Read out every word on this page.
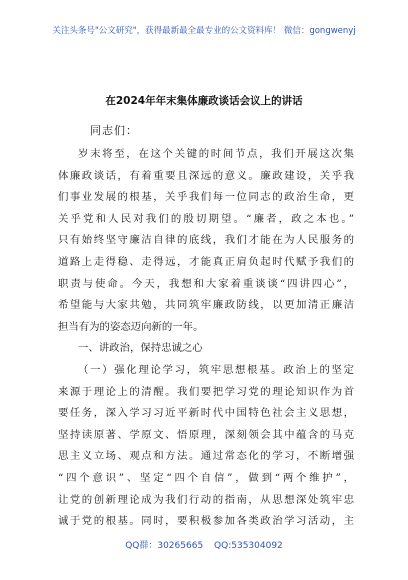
关注头条号"公文研究"，获得最新最全最专业的公文资料库！ 微信：gongwenyj
在2024年年末集体廉政谈话会议上的讲话
同志们：
岁末将至，在这个关键的时间节点，我们开展这次集
体廉政谈话，有着重要且深远的意义。廉政建设，关乎我
们事业发展的根基，关乎我们每一位同志的政治生命，更
关乎党和人民对我们的殷切期望。“廉者，政之本也。”
只有始终坚守廉洁自律的底线，我们才能在为人民服务的
道路上走得稳、走得远，才能真正肩负起时代赋予我们的
职责与使命。今天，我想和大家着重谈谈“四讲四心”，
希望能与大家共勉，共同筑牢廉政防线，以更加清正廉洁
担当有为的姿态迈向新的一年。
一、讲政治，保持忠诚之心
（一）强化理论学习，筑牢思想根基。政治上的坚定
来源于理论上的清醒。我们要把学习党的理论知识作为首
要任务，深入学习习近平新时代中国特色社会主义思想，
坚持读原著、学原文、悟原理，深刻领会其中蕴含的马克
思主义立场、观点和方法。通过常态化的学习，不断增强
“四个意识”、坚定“四个自信”，做到“两个维护”，
让党的创新理论成为我们行动的指南，从思想深处筑牢忠
诚于党的根基。同时，要积极参加各类政治学习活动，主
QQ群：30265665 QQ:535304092
